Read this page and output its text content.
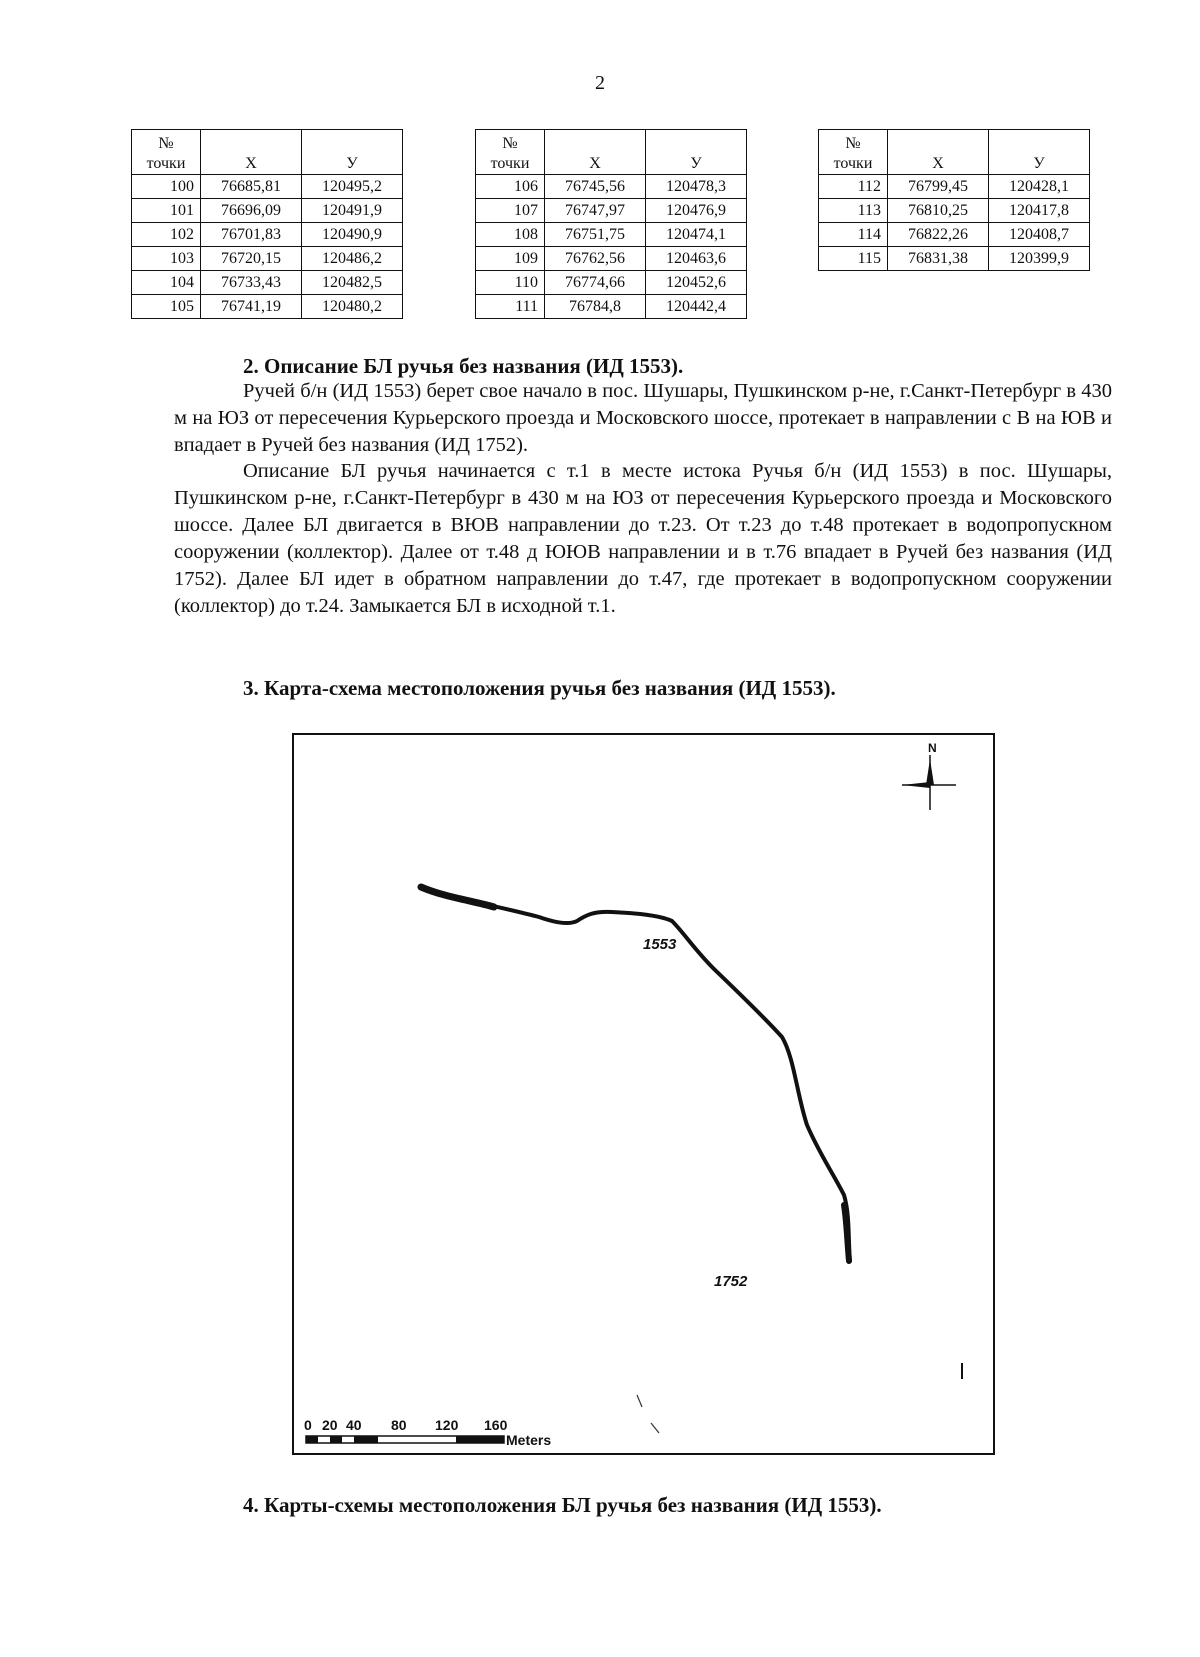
2
№ точки	X	У
100	76685,81	120495,2
101	76696,09	120491,9
102	76701,83	120490,9
103	76720,15	120486,2
104	76733,43	120482,5
105	76741,19	120480,2
№ точки	X	У
106	76745,56	120478,3
107	76747,97	120476,9
108	76751,75	120474,1
109	76762,56	120463,6
110	76774,66	120452,6
111	76784,8	120442,4
№ точки	X	У
112	76799,45	120428,1
113	76810,25	120417,8
114	76822,26	120408,7
115	76831,38	120399,9
2. Описание БЛ ручья без названия (ИД 1553).

Ручей б/н (ИД 1553) берет свое начало в пос. Шушары, Пушкинском р-не, г.Санкт-Петербург в 430 м на ЮЗ от пересечения Курьерского проезда и Московского шоссе, протекает в направлении с В на ЮВ и впадает в Ручей без названия (ИД 1752).

Описание БЛ ручья начинается с т.1 в месте истока Ручья б/н (ИД 1553) в пос. Шушары, Пушкинском р-не, г.Санкт-Петербург в 430 м на ЮЗ от пересечения Курьерского проезда и Московского шоссе. Далее БЛ двигается в ВЮВ направлении до т.23. От т.23 до т.48 протекает в водопропускном сооружении (коллектор). Далее от т.48 д ЮЮВ направлении и в т.76 впадает в Ручей без названия (ИД 1752). Далее БЛ идет в обратном направлении до т.47, где протекает в водопропускном сооружении (коллектор) до т.24. Замыкается БЛ в исходной т.1.

3. Карта-схема местоположения ручья без названия (ИД 1553).
N
1553
1752
0 20 40 80 120 160
Meters
4. Карты-схемы местоположения БЛ ручья без названия (ИД 1553).
